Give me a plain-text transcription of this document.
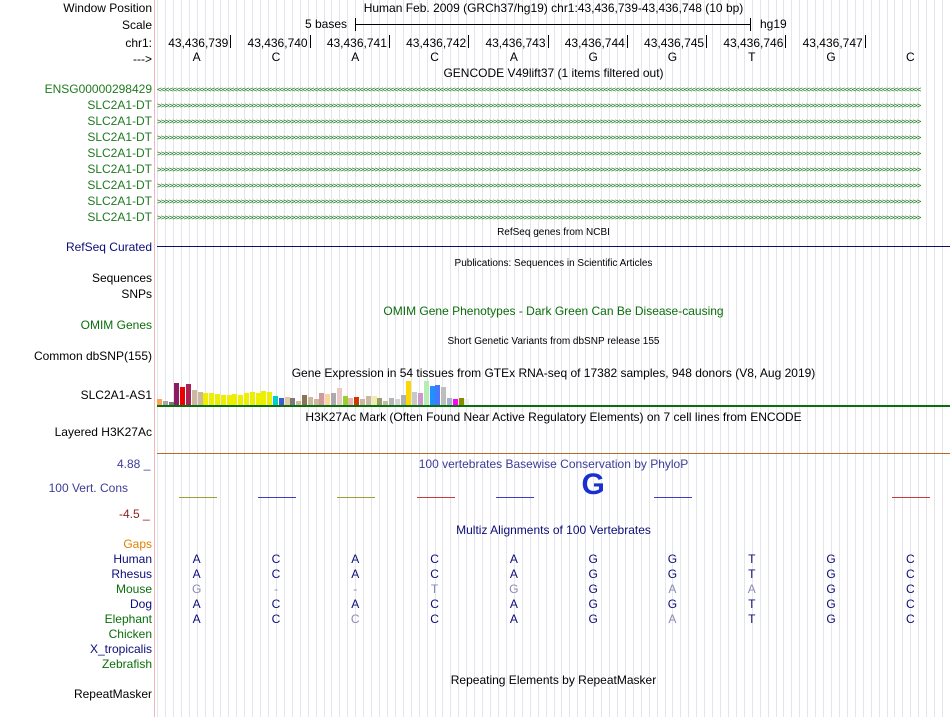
Window Position	Human Feb. 2009 (GRCh37/hg19) chr1:43,436,739-43,436,748 (10 bp)
Scale	5 bases	hg19
chr1:	43,436,739	43,436,740	43,436,741	43,436,742	43,436,743	43,436,744	43,436,745	43,436,746	43,436,747
--->	A	C	A	C	A	G	G	T	G	C
GENCODE V49lift37 (1 items filtered out)
ENSG00000298429 <<<<<<<<<<<<<<<<<<<<<<<<<<<<<<<<<<<<<<<<<<<<<<<<<<<<<<<<<<<<<<<<<<<<<<<<<<<<<<<<<<<<<<<<<<<<<<<<<<<<<<<<<<<<<<<<<<<<<<<<<<<<<<<<<<<<<<<<<<<<<<<<<<<<<<<<<<<<<<<<<<<<<<<<<<<<<<<<<<<<<<<<<<<<<<<<<<<<<<<<
SLC2A1-DT >>>>>>>>>>>>>>>>>>>>>>>>>>>>>>>>>>>>>>>>>>>>>>>>>>>>>>>>>>>>>>>>>>>>>>>>>>>>>>>>>>>>>>>>>>>>>>>>>>>>>>>>>>>>>>>>>>>>>>>>>>>>>>>>>>>>>>>>>>>>>>>>>>>>>>>>>>>>>>>>>>>>>>>>>>>>>>>>>>>>>>>>>>>>>>>>>>>>>>>>
SLC2A1-DT >>>>>>>>>>>>>>>>>>>>>>>>>>>>>>>>>>>>>>>>>>>>>>>>>>>>>>>>>>>>>>>>>>>>>>>>>>>>>>>>>>>>>>>>>>>>>>>>>>>>>>>>>>>>>>>>>>>>>>>>>>>>>>>>>>>>>>>>>>>>>>>>>>>>>>>>>>>>>>>>>>>>>>>>>>>>>>>>>>>>>>>>>>>>>>>>>>>>>>>>
SLC2A1-DT >>>>>>>>>>>>>>>>>>>>>>>>>>>>>>>>>>>>>>>>>>>>>>>>>>>>>>>>>>>>>>>>>>>>>>>>>>>>>>>>>>>>>>>>>>>>>>>>>>>>>>>>>>>>>>>>>>>>>>>>>>>>>>>>>>>>>>>>>>>>>>>>>>>>>>>>>>>>>>>>>>>>>>>>>>>>>>>>>>>>>>>>>>>>>>>>>>>>>>>>
SLC2A1-DT >>>>>>>>>>>>>>>>>>>>>>>>>>>>>>>>>>>>>>>>>>>>>>>>>>>>>>>>>>>>>>>>>>>>>>>>>>>>>>>>>>>>>>>>>>>>>>>>>>>>>>>>>>>>>>>>>>>>>>>>>>>>>>>>>>>>>>>>>>>>>>>>>>>>>>>>>>>>>>>>>>>>>>>>>>>>>>>>>>>>>>>>>>>>>>>>>>>>>>>>
SLC2A1-DT >>>>>>>>>>>>>>>>>>>>>>>>>>>>>>>>>>>>>>>>>>>>>>>>>>>>>>>>>>>>>>>>>>>>>>>>>>>>>>>>>>>>>>>>>>>>>>>>>>>>>>>>>>>>>>>>>>>>>>>>>>>>>>>>>>>>>>>>>>>>>>>>>>>>>>>>>>>>>>>>>>>>>>>>>>>>>>>>>>>>>>>>>>>>>>>>>>>>>>>>
SLC2A1-DT >>>>>>>>>>>>>>>>>>>>>>>>>>>>>>>>>>>>>>>>>>>>>>>>>>>>>>>>>>>>>>>>>>>>>>>>>>>>>>>>>>>>>>>>>>>>>>>>>>>>>>>>>>>>>>>>>>>>>>>>>>>>>>>>>>>>>>>>>>>>>>>>>>>>>>>>>>>>>>>>>>>>>>>>>>>>>>>>>>>>>>>>>>>>>>>>>>>>>>>>
SLC2A1-DT >>>>>>>>>>>>>>>>>>>>>>>>>>>>>>>>>>>>>>>>>>>>>>>>>>>>>>>>>>>>>>>>>>>>>>>>>>>>>>>>>>>>>>>>>>>>>>>>>>>>>>>>>>>>>>>>>>>>>>>>>>>>>>>>>>>>>>>>>>>>>>>>>>>>>>>>>>>>>>>>>>>>>>>>>>>>>>>>>>>>>>>>>>>>>>>>>>>>>>>>
SLC2A1-DT >>>>>>>>>>>>>>>>>>>>>>>>>>>>>>>>>>>>>>>>>>>>>>>>>>>>>>>>>>>>>>>>>>>>>>>>>>>>>>>>>>>>>>>>>>>>>>>>>>>>>>>>>>>>>>>>>>>>>>>>>>>>>>>>>>>>>>>>>>>>>>>>>>>>>>>>>>>>>>>>>>>>>>>>>>>>>>>>>>>>>>>>>>>>>>>>>>>>>>>>
RefSeq genes from NCBI
RefSeq Curated
Publications: Sequences in Scientific Articles
Sequences
SNPs
OMIM Gene Phenotypes - Dark Green Can Be Disease-causing
OMIM Genes
Short Genetic Variants from dbSNP release 155
Common dbSNP(155)
Gene Expression in 54 tissues from GTEx RNA-seq of 17382 samples, 948 donors (V8, Aug 2019)
SLC2A1-AS1
H3K27Ac Mark (Often Found Near Active Regulatory Elements) on 7 cell lines from ENCODE
Layered H3K27Ac
100 vertebrates Basewise Conservation by PhyloP
4.88 _
100 Vert. Cons
-4.5 _
G
Multiz Alignments of 100 Vertebrates
Gaps
Human	A	C	A	C	A	G	G	T	G	C
Rhesus	A	C	A	C	A	G	G	T	G	C
Mouse	G	-	-	T	G	G	A	A	G	C
Dog	A	C	A	C	A	G	G	T	G	C
Elephant	A	C	C	C	A	G	A	T	G	C
Chicken
X_tropicalis
Zebrafish
Repeating Elements by RepeatMasker
RepeatMasker
